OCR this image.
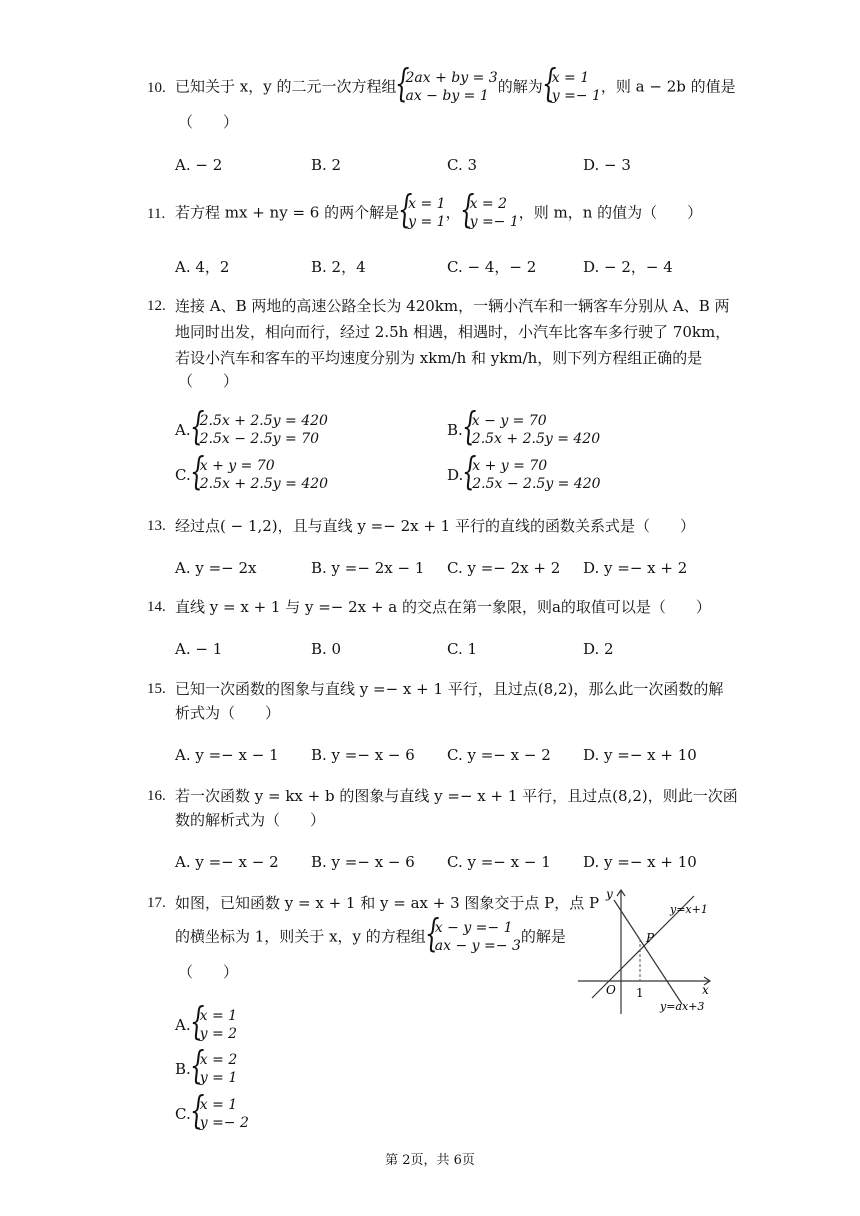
10. 已知关于 x，y 的二元一次方程组 { 2ax + by = 3
ax − by = 1
的解为 { x = 1
y =− 1
，则 a − 2b 的值是
（　　）
A. − 2	B. 2	C. 3	D. − 3
11. 若方程 mx + ny = 6 的两个解是 { x = 1
y = 1
， { x = 2
y =− 1
，则 m，n 的值为（　　）
A. 4，2	B. 2，4	C. − 4，− 2	D. − 2，− 4
12. 连接 A、B 两地的高速公路全长为 420km，一辆小汽车和一辆客车分别从 A、B 两
地同时出发，相向而行，经过 2.5h 相遇，相遇时，小汽车比客车多行驶了 70km，
若设小汽车和客车的平均速度分别为 xkm/h 和 ykm/h，则下列方程组正确的是
（　　）
A. { 2.5x + 2.5y = 420
2.5x − 2.5y = 70	B. { x − y = 70
2.5x + 2.5y = 420
C. { x + y = 70
2.5x + 2.5y = 420	D. { x + y = 70
2.5x − 2.5y = 420
13. 经过点( − 1,2)，且与直线 y =− 2x + 1 平行的直线的函数关系式是（　　）
A. y =− 2x	B. y =− 2x − 1 C. y =− 2x + 2 D. y =− x + 2
14. 直线 y = x + 1 与 y =− 2x + a 的交点在第一象限，则a的取值可以是（　　）
A. − 1	B. 0	C. 1	D. 2
15. 已知一次函数的图象与直线 y =− x + 1 平行，且过点(8,2)，那么此一次函数的解
析式为（　　）
A. y =− x − 1 B. y =− x − 6 C. y =− x − 2 D. y =− x + 10
16. 若一次函数 y = kx + b 的图象与直线 y =− x + 1 平行，且过点(8,2)，则此一次函
数的解析式为（　　）
A. y =− x − 2 B. y =− x − 6 C. y =− x − 1 D. y =− x + 10
17. 如图，已知函数 y = x + 1 和 y = ax + 3 图象交于点 P，点 P
的横坐标为 1，则关于 x，y 的方程组 { x − y =− 1
ax − y =− 3
的解是
（　　）
A. { x = 1
y = 2
B. { x = 2
y = 1
C. { x = 1
y =− 2
y
x
O 1
P
y=x+1
y=ax+3
第 2页，共 6页
